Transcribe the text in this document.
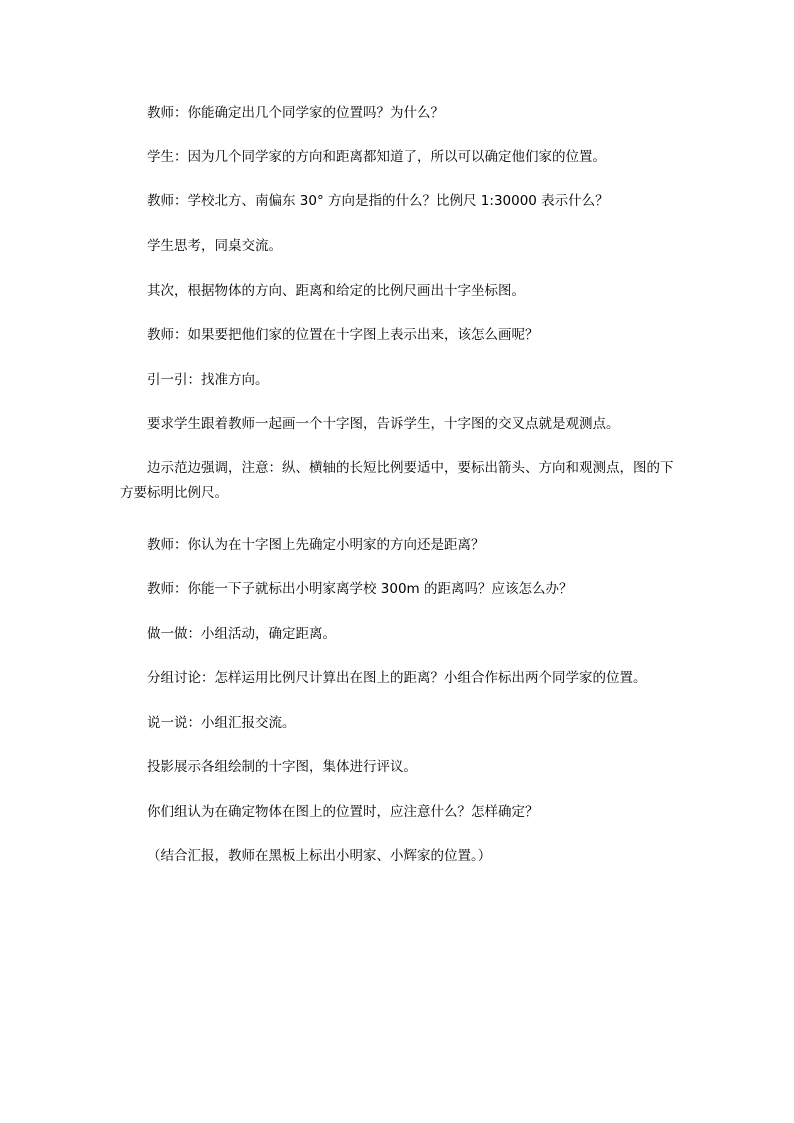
教师：你能确定出几个同学家的位置吗？为什么？

学生：因为几个同学家的方向和距离都知道了，所以可以确定他们家的位置。

教师：学校北方、南偏东 30° 方向是指的什么？比例尺 1:30000 表示什么？

学生思考，同桌交流。

其次，根据物体的方向、距离和给定的比例尺画出十字坐标图。

教师：如果要把他们家的位置在十字图上表示出来，该怎么画呢？

引一引：找准方向。

要求学生跟着教师一起画一个十字图，告诉学生，十字图的交叉点就是观测点。

边示范边强调，注意：纵、横轴的长短比例要适中，要标出箭头、方向和观测点，图的下方要标明比例尺。

教师：你认为在十字图上先确定小明家的方向还是距离？

教师：你能一下子就标出小明家离学校 300m 的距离吗？应该怎么办？

做一做：小组活动，确定距离。

分组讨论：怎样运用比例尺计算出在图上的距离？小组合作标出两个同学家的位置。

说一说：小组汇报交流。

投影展示各组绘制的十字图，集体进行评议。

你们组认为在确定物体在图上的位置时，应注意什么？怎样确定？

（结合汇报，教师在黑板上标出小明家、小辉家的位置。）
